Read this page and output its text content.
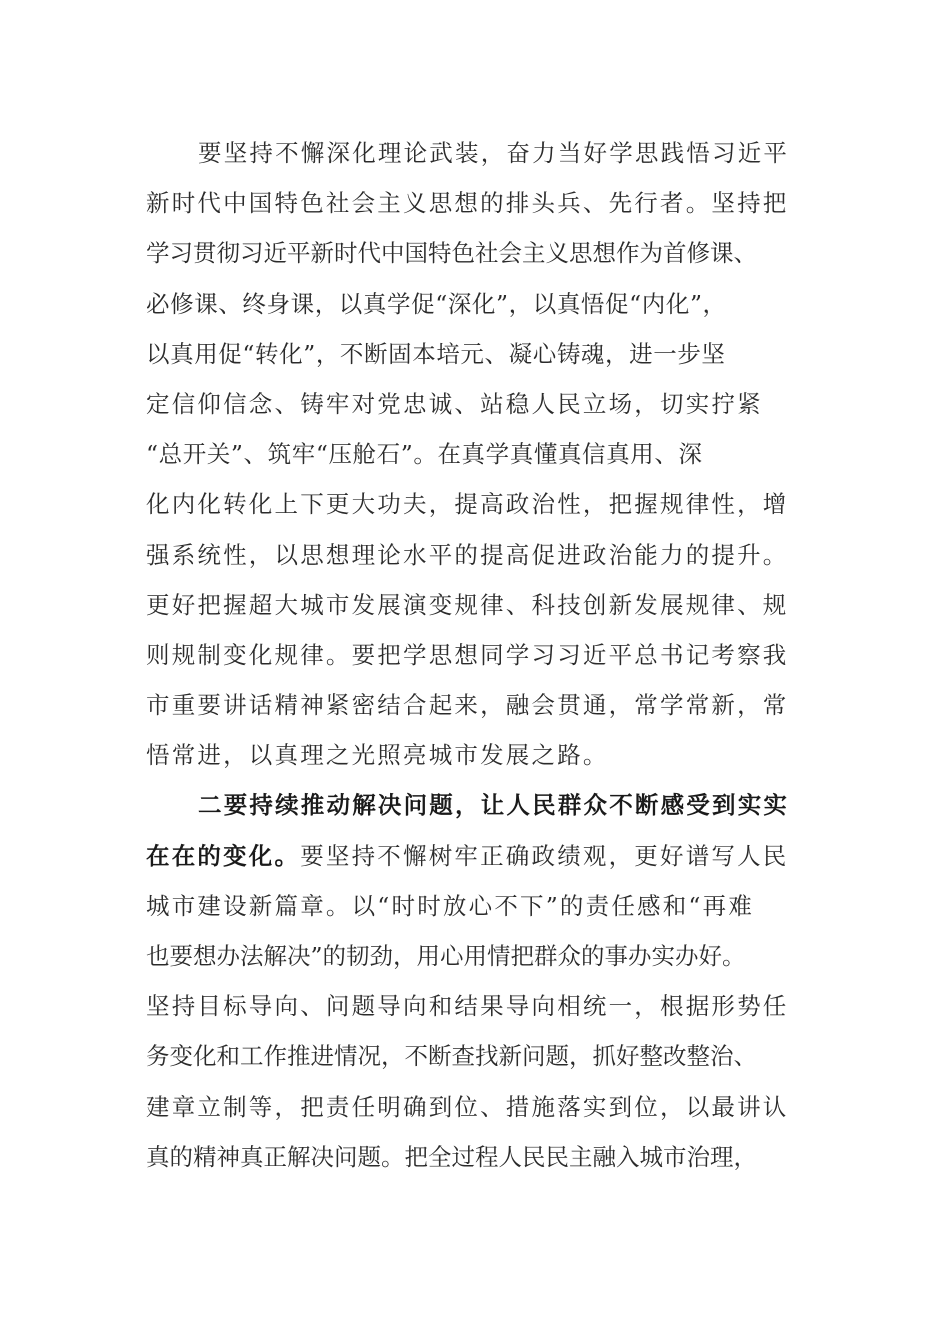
要坚持不懈深化理论武装，奋力当好学思践悟习近平
新时代中国特色社会主义思想的排头兵、先行者。坚持把
学习贯彻习近平新时代中国特色社会主义思想作为首修课、
必修课、终身课，以真学促“深化”，以真悟促“内化”，
以真用促“转化”，不断固本培元、凝心铸魂，进一步坚
定信仰信念、铸牢对党忠诚、站稳人民立场，切实拧紧
“总开关”、筑牢“压舱石”。在真学真懂真信真用、深
化内化转化上下更大功夫，提高政治性，把握规律性，增
强系统性，以思想理论水平的提高促进政治能力的提升。
更好把握超大城市发展演变规律、科技创新发展规律、规
则规制变化规律。要把学思想同学习习近平总书记考察我
市重要讲话精神紧密结合起来，融会贯通，常学常新，常
悟常进，以真理之光照亮城市发展之路。
二要持续推动解决问题，让人民群众不断感受到实实
在在的变化。要坚持不懈树牢正确政绩观，更好谱写人民
城市建设新篇章。以“时时放心不下”的责任感和“再难
也要想办法解决”的韧劲，用心用情把群众的事办实办好。
坚持目标导向、问题导向和结果导向相统一，根据形势任
务变化和工作推进情况，不断查找新问题，抓好整改整治、
建章立制等，把责任明确到位、措施落实到位，以最讲认
真的精神真正解决问题。把全过程人民民主融入城市治理，
